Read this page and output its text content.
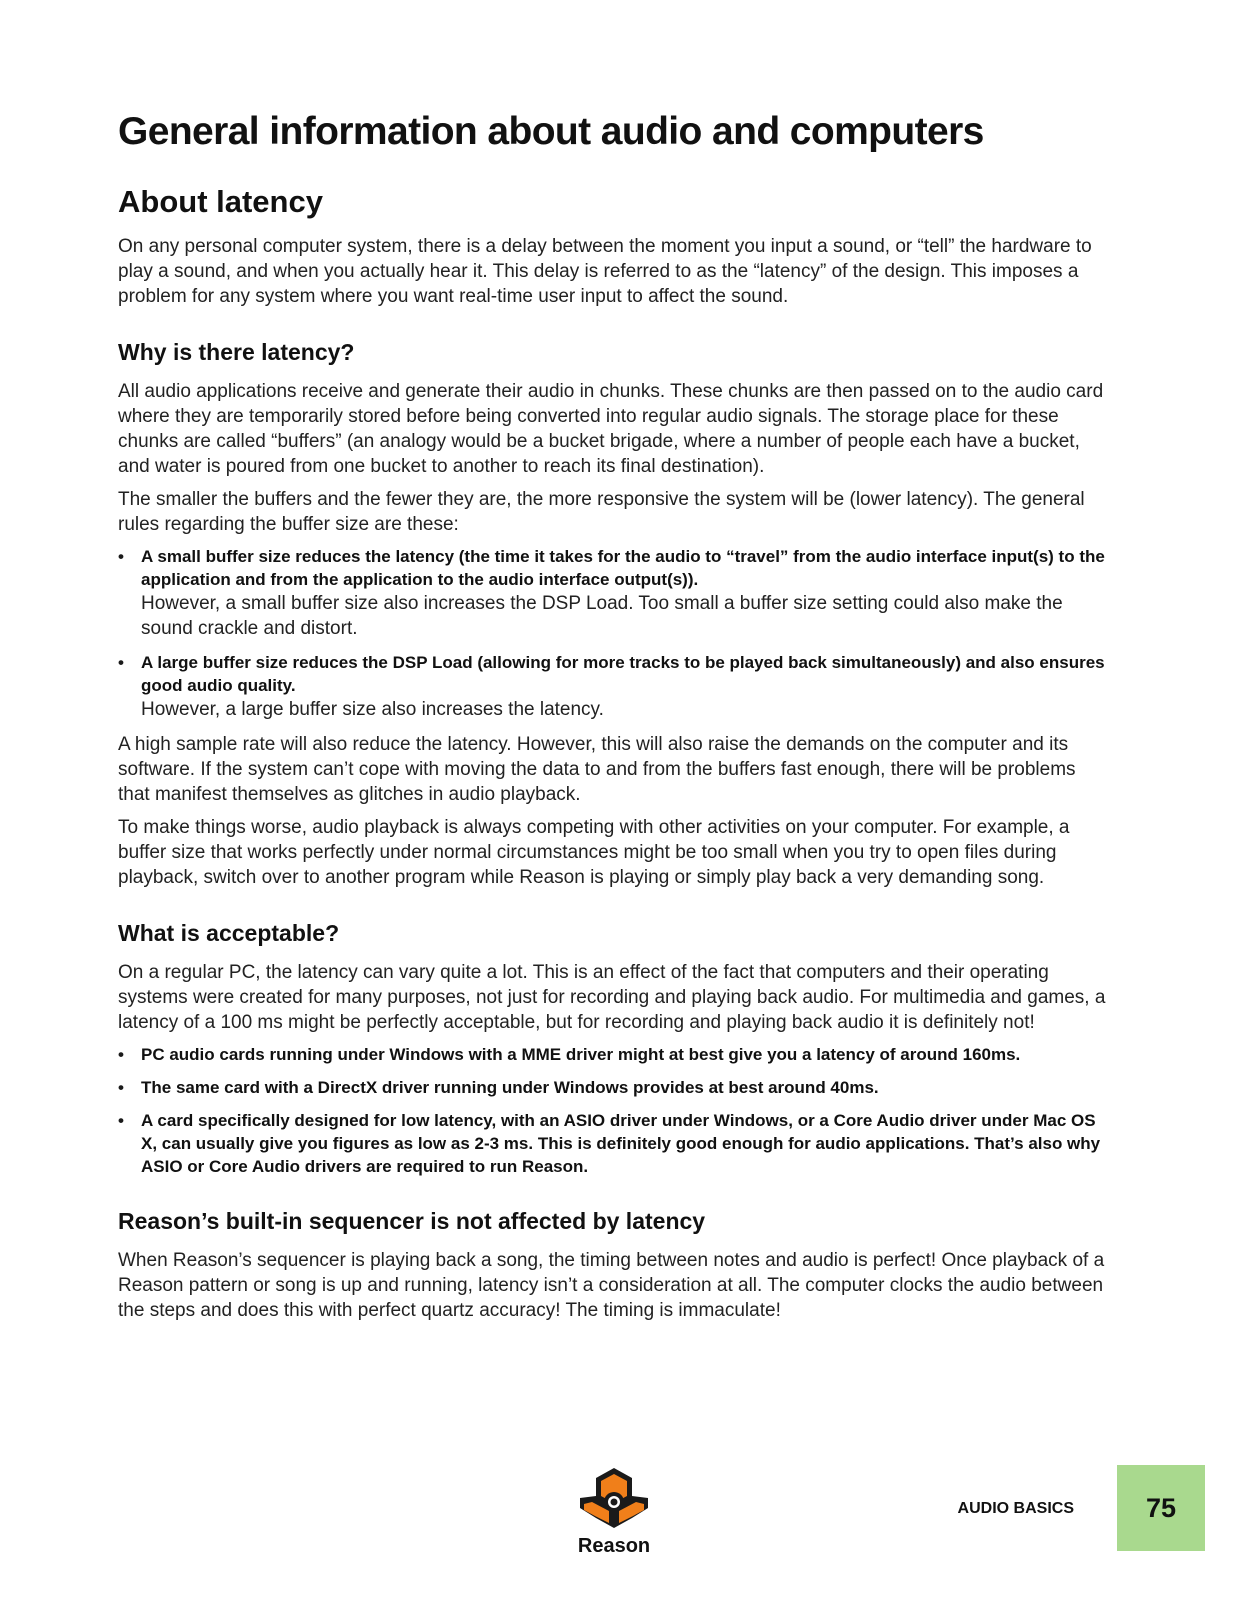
General information about audio and computers
About latency

On any personal computer system, there is a delay between the moment you input a sound, or “tell” the hardware to play a sound, and when you actually hear it. This delay is referred to as the “latency” of the design. This imposes a problem for any system where you want real-time user input to affect the sound.

Why is there latency?

All audio applications receive and generate their audio in chunks. These chunks are then passed on to the audio card where they are temporarily stored before being converted into regular audio signals. The storage place for these chunks are called “buffers” (an analogy would be a bucket brigade, where a number of people each have a bucket, and water is poured from one bucket to another to reach its final destination).

The smaller the buffers and the fewer they are, the more responsive the system will be (lower latency). The general rules regarding the buffer size are these:

• A small buffer size reduces the latency (the time it takes for the audio to “travel” from the audio interface input(s) to the application and from the application to the audio interface output(s)).
However, a small buffer size also increases the DSP Load. Too small a buffer size setting could also make the sound crackle and distort.
• A large buffer size reduces the DSP Load (allowing for more tracks to be played back simultaneously) and also ensures good audio quality.
However, a large buffer size also increases the latency.

A high sample rate will also reduce the latency. However, this will also raise the demands on the computer and its software. If the system can’t cope with moving the data to and from the buffers fast enough, there will be problems that manifest themselves as glitches in audio playback.

To make things worse, audio playback is always competing with other activities on your computer. For example, a buffer size that works perfectly under normal circumstances might be too small when you try to open files during playback, switch over to another program while Reason is playing or simply play back a very demanding song.

What is acceptable?

On a regular PC, the latency can vary quite a lot. This is an effect of the fact that computers and their operating systems were created for many purposes, not just for recording and playing back audio. For multimedia and games, a latency of a 100 ms might be perfectly acceptable, but for recording and playing back audio it is definitely not!

• PC audio cards running under Windows with a MME driver might at best give you a latency of around 160ms.
• The same card with a DirectX driver running under Windows provides at best around 40ms.
• A card specifically designed for low latency, with an ASIO driver under Windows, or a Core Audio driver under Mac OS X, can usually give you figures as low as 2-3 ms. This is definitely good enough for audio applications. That’s also why ASIO or Core Audio drivers are required to run Reason.
Reason’s built-in sequencer is not affected by latency

When Reason’s sequencer is playing back a song, the timing between notes and audio is perfect! Once playback of a Reason pattern or song is up and running, latency isn’t a consideration at all. The computer clocks the audio between the steps and does this with perfect quartz accuracy! The timing is immaculate!

Reason
AUDIO BASICS	75
